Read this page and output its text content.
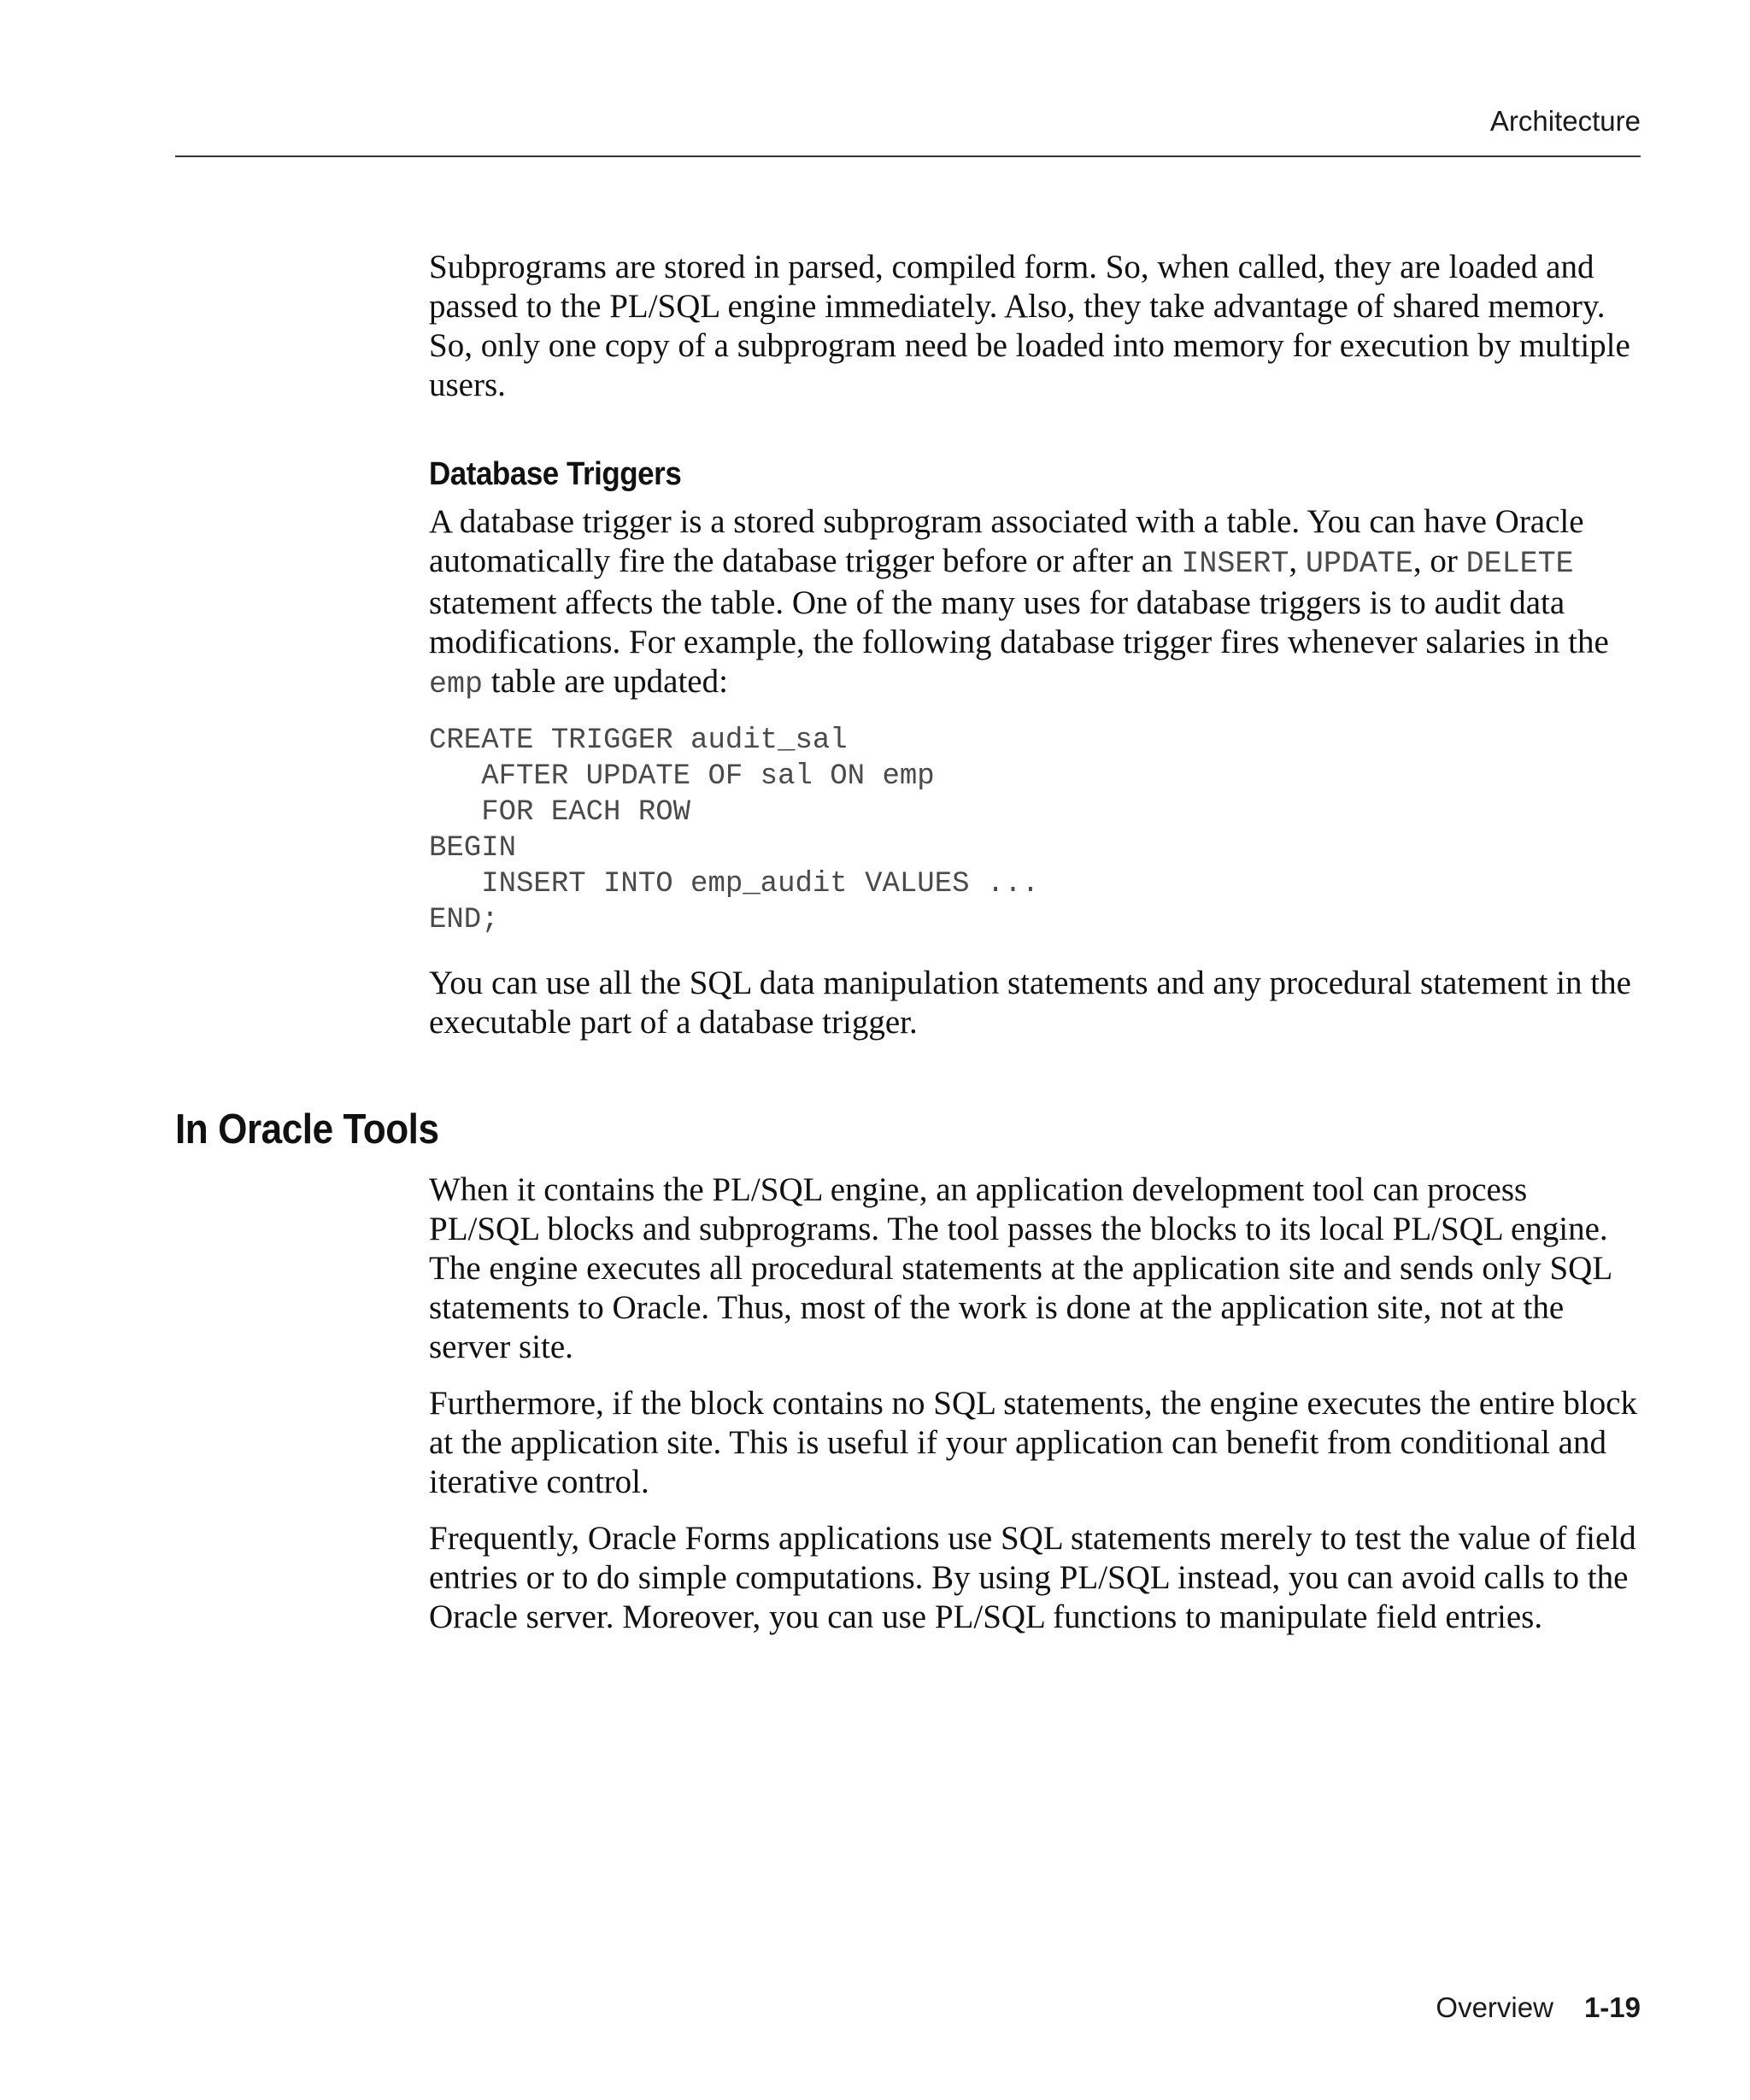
Architecture

Subprograms are stored in parsed, compiled form. So, when called, they are loaded and passed to the PL/SQL engine immediately. Also, they take advantage of shared memory. So, only one copy of a subprogram need be loaded into memory for execution by multiple users.

Database Triggers

A database trigger is a stored subprogram associated with a table. You can have Oracle automatically fire the database trigger before or after an INSERT, UPDATE, or DELETE statement affects the table. One of the many uses for database triggers is to audit data modifications. For example, the following database trigger fires whenever salaries in the emp table are updated:

CREATE TRIGGER audit_sal
AFTER UPDATE OF sal ON emp
FOR EACH ROW
BEGIN
INSERT INTO emp_audit VALUES ...
END;

You can use all the SQL data manipulation statements and any procedural statement in the executable part of a database trigger.

In Oracle Tools

When it contains the PL/SQL engine, an application development tool can process PL/SQL blocks and subprograms. The tool passes the blocks to its local PL/SQL engine. The engine executes all procedural statements at the application site and sends only SQL statements to Oracle. Thus, most of the work is done at the application site, not at the server site.

Furthermore, if the block contains no SQL statements, the engine executes the entire block at the application site. This is useful if your application can benefit from conditional and iterative control.

Frequently, Oracle Forms applications use SQL statements merely to test the value of field entries or to do simple computations. By using PL/SQL instead, you can avoid calls to the Oracle server. Moreover, you can use PL/SQL functions to manipulate field entries.

Overview 1-19
